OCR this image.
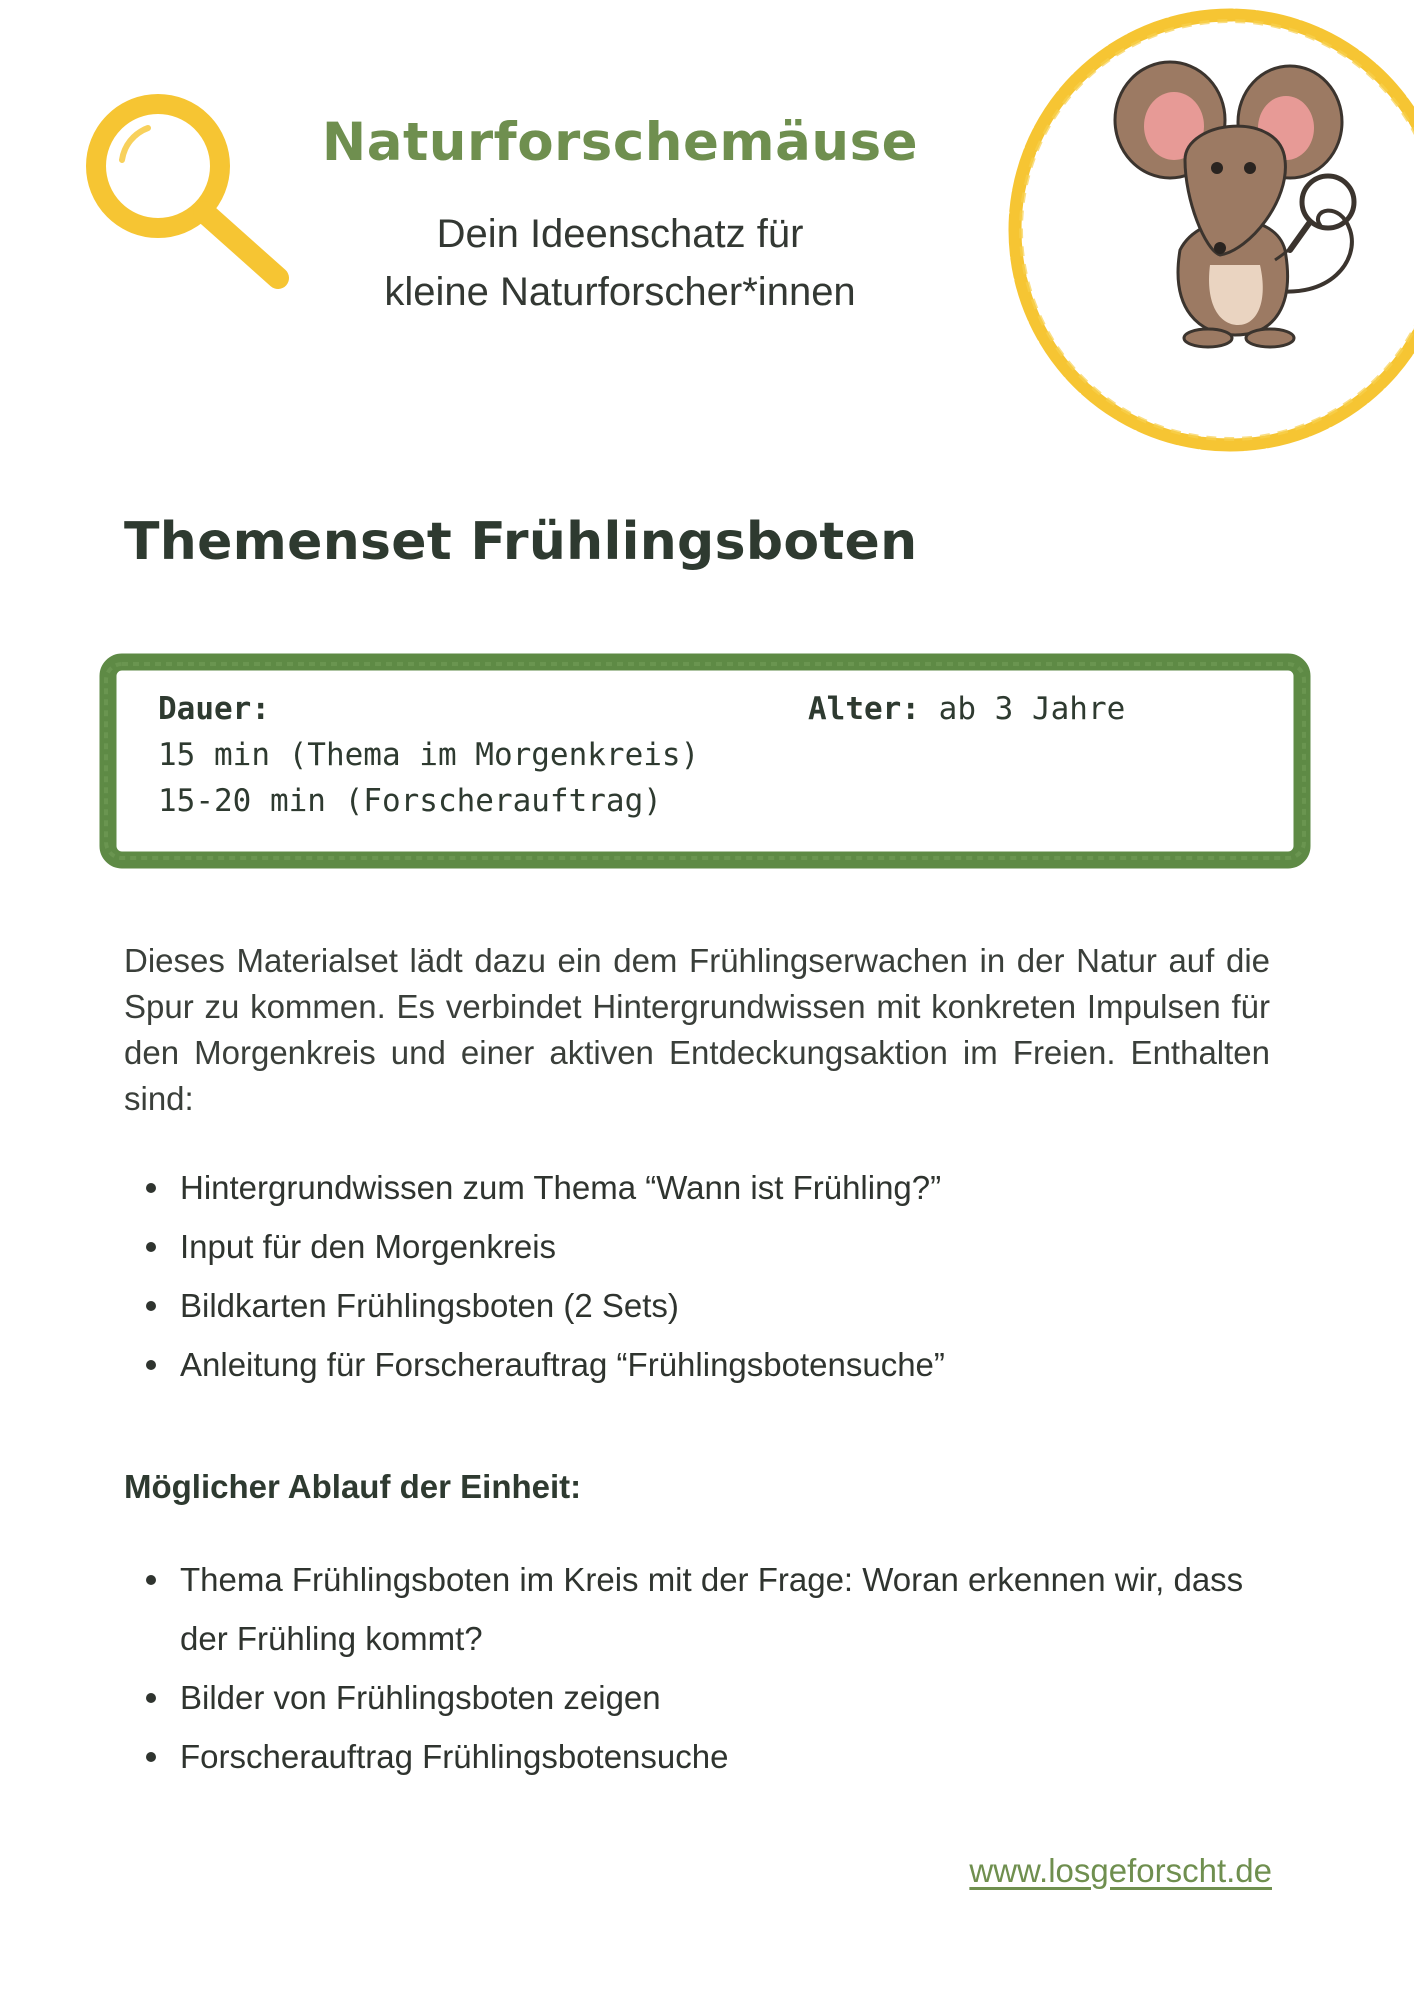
Naturforschemäuse
Dein Ideenschatz für
kleine Naturforscher*innen
Themenset Frühlingsboten
Dauer:
15 min (Thema im Morgenkreis)
15-20 min (Forscherauftrag)
Alter: ab 3 Jahre
Dieses Materialset lädt dazu ein dem Frühlingserwachen in der Natur auf die Spur zu kommen. Es verbindet Hintergrundwissen mit konkreten Impulsen für den Morgenkreis und einer aktiven Entdeckungsaktion im Freien. Enthalten sind:
Hintergrundwissen zum Thema “Wann ist Frühling?”
Input für den Morgenkreis
Bildkarten Frühlingsboten (2 Sets)
Anleitung für Forscherauftrag “Frühlingsbotensuche”
Möglicher Ablauf der Einheit:
Thema Frühlingsboten im Kreis mit der Frage: Woran erkennen wir, dass der Frühling kommt?
Bilder von Frühlingsboten zeigen
Forscherauftrag Frühlingsbotensuche
www.losgeforscht.de
